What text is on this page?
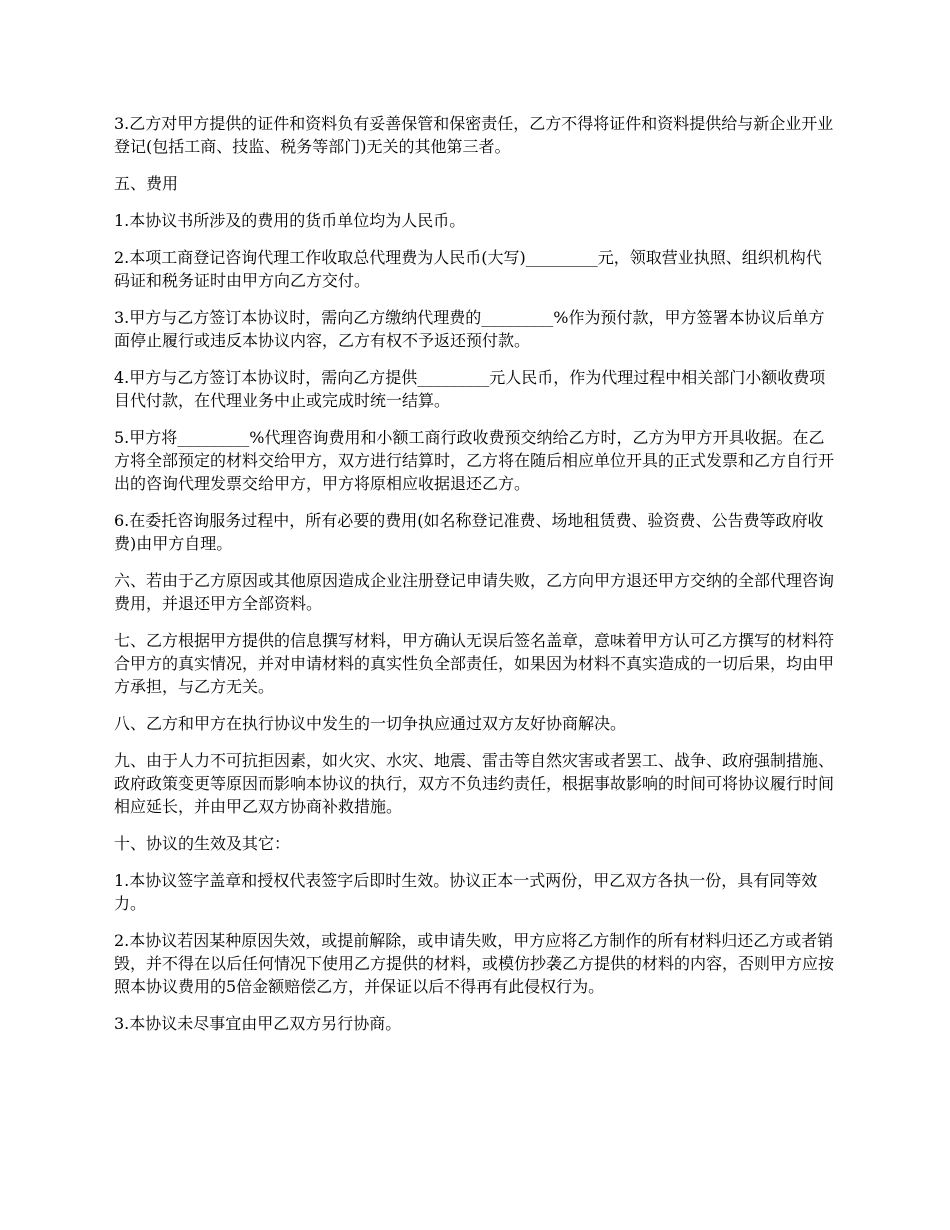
3.乙方对甲方提供的证件和资料负有妥善保管和保密责任，乙方不得将证件和资料提供给与新企业开业登记(包括工商、技监、税务等部门)无关的其他第三者。

五、费用

1.本协议书所涉及的费用的货币单位均为人民币。

2.本项工商登记咨询代理工作收取总代理费为人民币(大写)_________元，领取营业执照、组织机构代码证和税务证时由甲方向乙方交付。

3.甲方与乙方签订本协议时，需向乙方缴纳代理费的_________%作为预付款，甲方签署本协议后单方面停止履行或违反本协议内容，乙方有权不予返还预付款。

4.甲方与乙方签订本协议时，需向乙方提供_________元人民币，作为代理过程中相关部门小额收费项目代付款，在代理业务中止或完成时统一结算。

5.甲方将_________%代理咨询费用和小额工商行政收费预交纳给乙方时，乙方为甲方开具收据。在乙方将全部预定的材料交给甲方，双方进行结算时，乙方将在随后相应单位开具的正式发票和乙方自行开出的咨询代理发票交给甲方，甲方将原相应收据退还乙方。

6.在委托咨询服务过程中，所有必要的费用(如名称登记准费、场地租赁费、验资费、公告费等政府收费)由甲方自理。

六、若由于乙方原因或其他原因造成企业注册登记申请失败，乙方向甲方退还甲方交纳的全部代理咨询费用，并退还甲方全部资料。

七、乙方根据甲方提供的信息撰写材料，甲方确认无误后签名盖章，意味着甲方认可乙方撰写的材料符合甲方的真实情况，并对申请材料的真实性负全部责任，如果因为材料不真实造成的一切后果，均由甲方承担，与乙方无关。

八、乙方和甲方在执行协议中发生的一切争执应通过双方友好协商解决。

九、由于人力不可抗拒因素，如火灾、水灾、地震、雷击等自然灾害或者罢工、战争、政府强制措施、政府政策变更等原因而影响本协议的执行，双方不负违约责任，根据事故影响的时间可将协议履行时间相应延长，并由甲乙双方协商补救措施。

十、协议的生效及其它：

1.本协议签字盖章和授权代表签字后即时生效。协议正本一式两份，甲乙双方各执一份，具有同等效力。

2.本协议若因某种原因失效，或提前解除，或申请失败，甲方应将乙方制作的所有材料归还乙方或者销毁，并不得在以后任何情况下使用乙方提供的材料，或模仿抄袭乙方提供的材料的内容，否则甲方应按照本协议费用的5倍金额赔偿乙方，并保证以后不得再有此侵权行为。

3.本协议未尽事宜由甲乙双方另行协商。
